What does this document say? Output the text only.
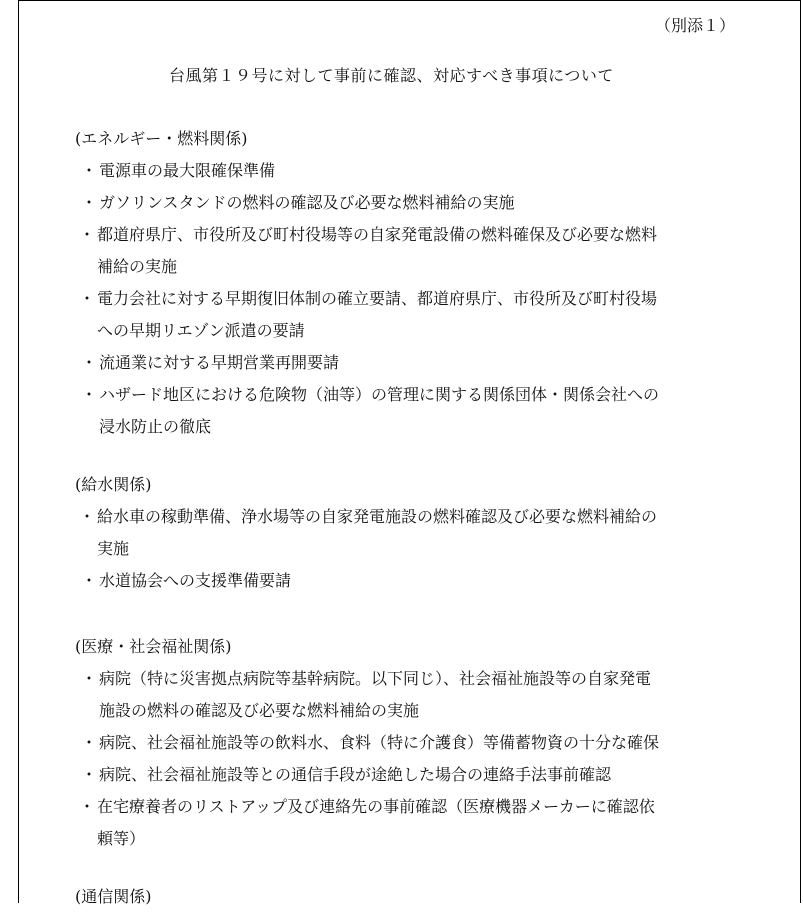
（別添１）
台風第１９号に対して事前に確認、対応すべき事項について
(エネルギー・燃料関係)
・ 電源車の最大限確保準備
・ ガソリンスタンドの燃料の確認及び必要な燃料補給の実施
・ 都道府県庁、市役所及び町村役場等の自家発電設備の燃料確保及び必要な燃料
補給の実施
・ 電力会社に対する早期復旧体制の確立要請、都道府県庁、市役所及び町村役場
への早期リエゾン派遣の要請
・ 流通業に対する早期営業再開要請
・ ハザード地区における危険物（油等）の管理に関する関係団体・関係会社への
浸水防止の徹底
(給水関係)
・ 給水車の稼動準備、浄水場等の自家発電施設の燃料確認及び必要な燃料補給の
実施
・ 水道協会への支援準備要請
(医療・社会福祉関係)
・ 病院（特に災害拠点病院等基幹病院。以下同じ）、社会福祉施設等の自家発電
施設の燃料の確認及び必要な燃料補給の実施
・ 病院、社会福祉施設等の飲料水、食料（特に介護食）等備蓄物資の十分な確保
・ 病院、社会福祉施設等との通信手段が途絶した場合の連絡手法事前確認
・ 在宅療養者のリストアップ及び連絡先の事前確認（医療機器メーカーに確認依
頼等）
(通信関係)
